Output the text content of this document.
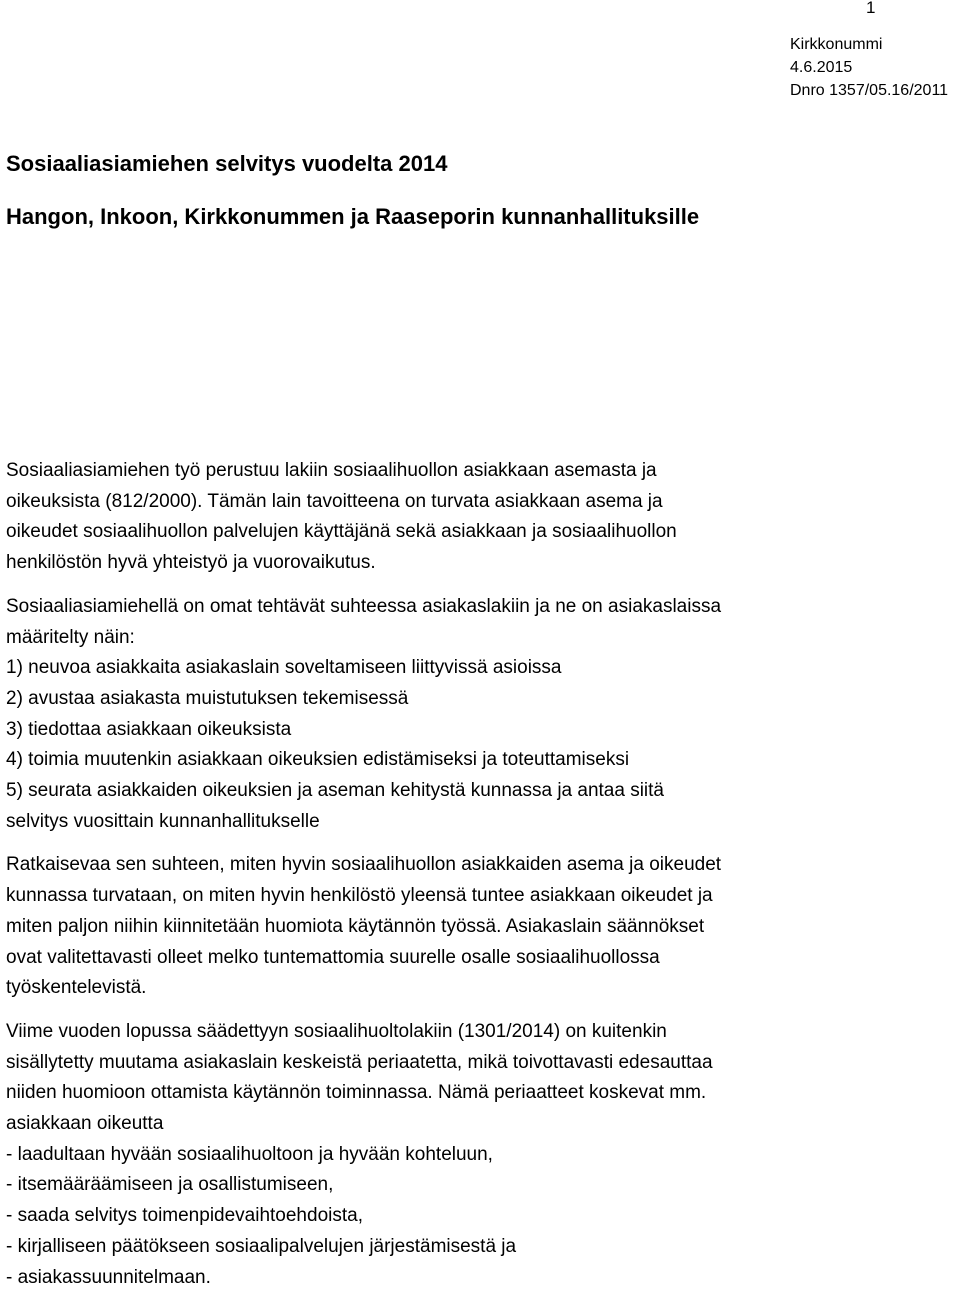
1
Kirkkonummi
4.6.2015
Dnro 1357/05.16/2011
Sosiaaliasiamiehen selvitys vuodelta 2014
Hangon, Inkoon, Kirkkonummen ja Raaseporin kunnanhallituksille

Sosiaaliasiamiehen työ perustuu lakiin sosiaalihuollon asiakkaan asemasta ja
oikeuksista (812/2000). Tämän lain tavoitteena on turvata asiakkaan asema ja
oikeudet sosiaalihuollon palvelujen käyttäjänä sekä asiakkaan ja sosiaalihuollon
henkilöstön hyvä yhteistyö ja vuorovaikutus.

Sosiaaliasiamiehellä on omat tehtävät suhteessa asiakaslakiin ja ne on asiakaslaissa
määritelty näin:
1) neuvoa asiakkaita asiakaslain soveltamiseen liittyvissä asioissa
2) avustaa asiakasta muistutuksen tekemisessä
3) tiedottaa asiakkaan oikeuksista
4) toimia muutenkin asiakkaan oikeuksien edistämiseksi ja toteuttamiseksi
5) seurata asiakkaiden oikeuksien ja aseman kehitystä kunnassa ja antaa siitä
selvitys vuosittain kunnanhallitukselle

Ratkaisevaa sen suhteen, miten hyvin sosiaalihuollon asiakkaiden asema ja oikeudet
kunnassa turvataan, on miten hyvin henkilöstö yleensä tuntee asiakkaan oikeudet ja
miten paljon niihin kiinnitetään huomiota käytännön työssä. Asiakaslain säännökset
ovat valitettavasti olleet melko tuntemattomia suurelle osalle sosiaalihuollossa
työskentelevistä.

Viime vuoden lopussa säädettyyn sosiaalihuoltolakiin (1301/2014) on kuitenkin
sisällytetty muutama asiakaslain keskeistä periaatetta, mikä toivottavasti edesauttaa
niiden huomioon ottamista käytännön toiminnassa. Nämä periaatteet koskevat mm.
asiakkaan oikeutta
- laadultaan hyvään sosiaalihuoltoon ja hyvään kohteluun,
- itsemääräämiseen ja osallistumiseen,
- saada selvitys toimenpidevaihtoehdoista,
- kirjalliseen päätökseen sosiaalipalvelujen järjestämisestä ja
- asiakassuunnitelmaan.
